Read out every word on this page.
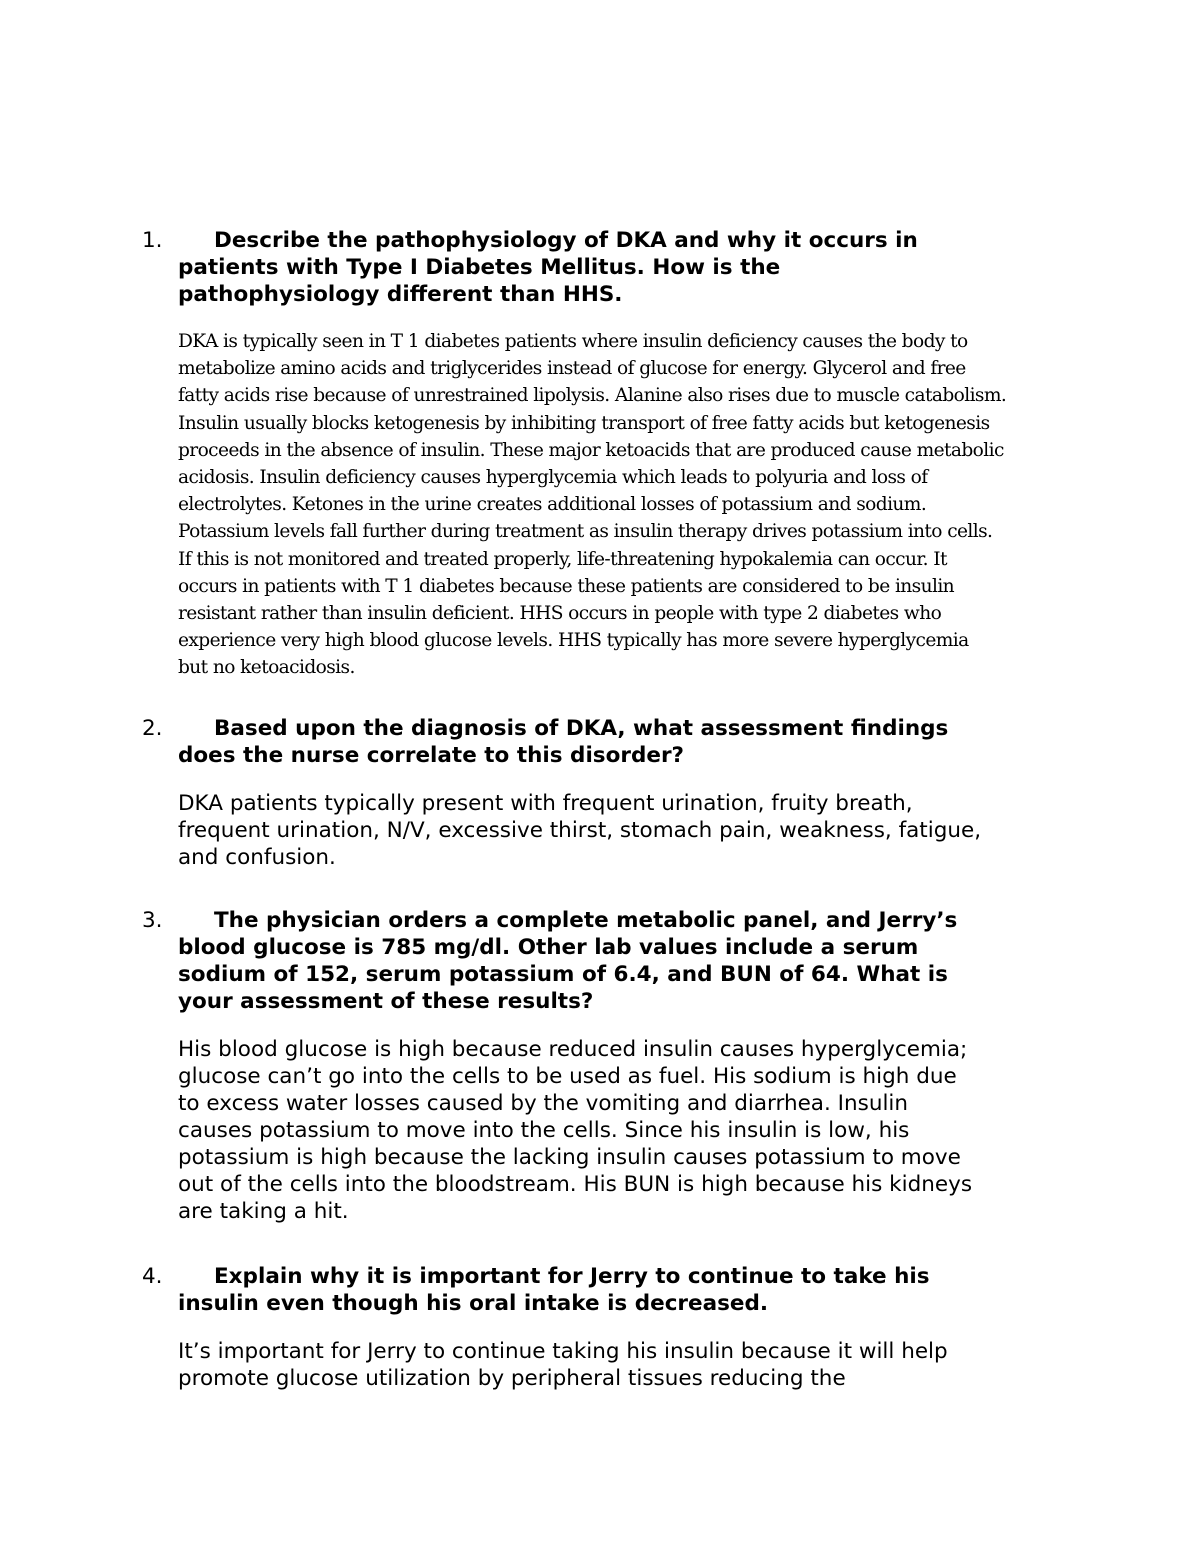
1.	Describe the pathophysiology of DKA and why it occurs in
patients with Type I Diabetes Mellitus. How is the
pathophysiology different than HHS.
DKA is typically seen in T 1 diabetes patients where insulin deficiency causes the body to
metabolize amino acids and triglycerides instead of glucose for energy. Glycerol and free
fatty acids rise because of unrestrained lipolysis. Alanine also rises due to muscle catabolism.
Insulin usually blocks ketogenesis by inhibiting transport of free fatty acids but ketogenesis
proceeds in the absence of insulin. These major ketoacids that are produced cause metabolic
acidosis. Insulin deficiency causes hyperglycemia which leads to polyuria and loss of
electrolytes. Ketones in the urine creates additional losses of potassium and sodium.
Potassium levels fall further during treatment as insulin therapy drives potassium into cells.
If this is not monitored and treated properly, life-threatening hypokalemia can occur. It
occurs in patients with T 1 diabetes because these patients are considered to be insulin
resistant rather than insulin deficient. HHS occurs in people with type 2 diabetes who
experience very high blood glucose levels. HHS typically has more severe hyperglycemia
but no ketoacidosis.
2.	Based upon the diagnosis of DKA, what assessment findings
does the nurse correlate to this disorder?
DKA patients typically present with frequent urination, fruity breath,
frequent urination, N/V, excessive thirst, stomach pain, weakness, fatigue,
and confusion.
3.	The physician orders a complete metabolic panel, and Jerry’s
blood glucose is 785 mg/dl. Other lab values include a serum
sodium of 152, serum potassium of 6.4, and BUN of 64. What is
your assessment of these results?
His blood glucose is high because reduced insulin causes hyperglycemia;
glucose can’t go into the cells to be used as fuel. His sodium is high due
to excess water losses caused by the vomiting and diarrhea. Insulin
causes potassium to move into the cells. Since his insulin is low, his
potassium is high because the lacking insulin causes potassium to move
out of the cells into the bloodstream. His BUN is high because his kidneys
are taking a hit.
4.	Explain why it is important for Jerry to continue to take his
insulin even though his oral intake is decreased.
It’s important for Jerry to continue taking his insulin because it will help
promote glucose utilization by peripheral tissues reducing the
